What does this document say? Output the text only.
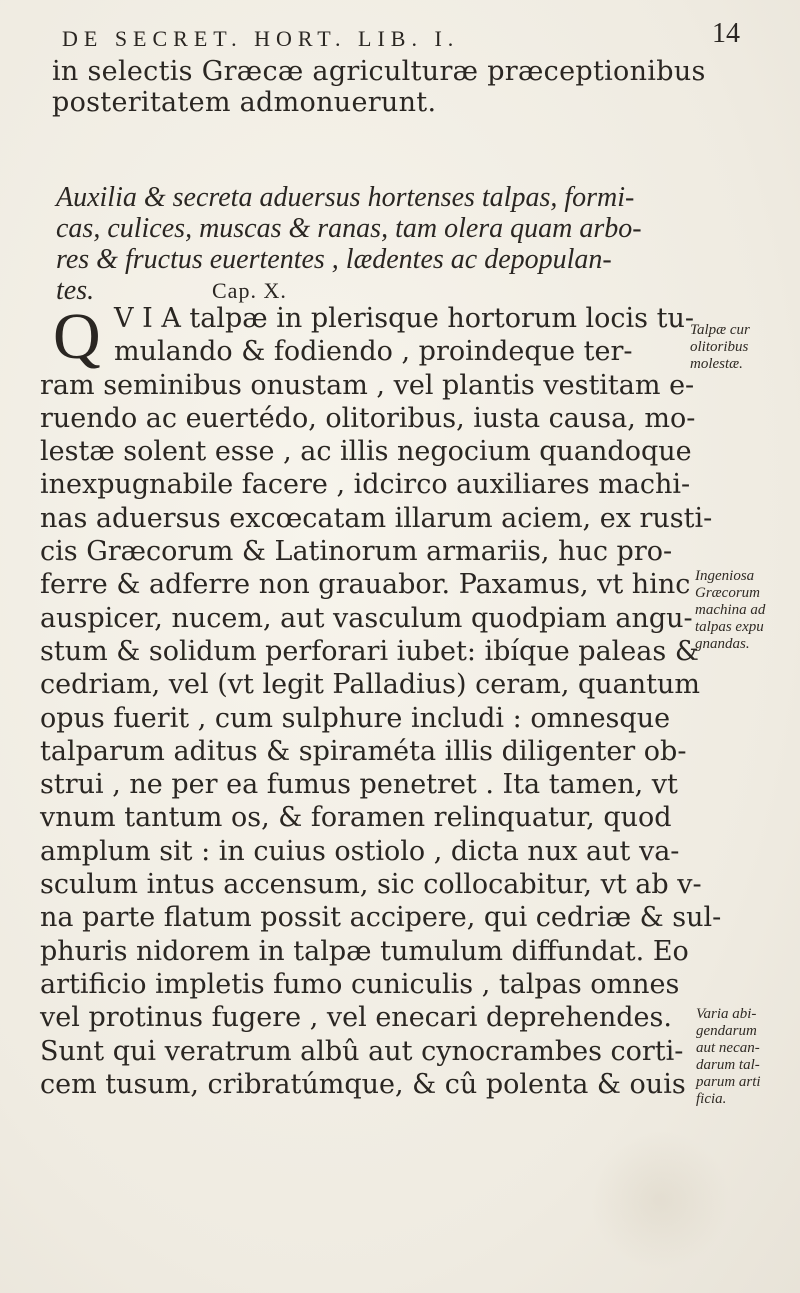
DE SECRET. HORT. LIB. I.	14
in selectis Græcæ agriculturæ præceptionibus
posteritatem admonuerunt.
Auxilia & secreta aduersus hortenses talpas, formi-
cas, culices, muscas & ranas, tam olera quam arbo-
res & fructus euertentes , lædentes ac depopulan-
tes.	Cap. X.
Q V I A talpæ in plerisque hortorum locis tu-
mulando & fodiendo , proindeque ter-
ram seminibus onustam , vel plantis vestitam e-
ruendo ac euertédo, olitoribus, iusta causa, mo-
lestæ solent esse , ac illis negocium quandoque
inexpugnabile facere , idcirco auxiliares machi-
nas aduersus excœcatam illarum aciem, ex rusti-
cis Græcorum & Latinorum armariis, huc pro-
ferre & adferre non grauabor. Paxamus, vt hinc
auspicer, nucem, aut vasculum quodpiam angu-
stum & solidum perforari iubet: ibíque paleas &
cedriam, vel (vt legit Palladius) ceram, quantum
opus fuerit , cum sulphure includi : omnesque
talparum aditus & spiraméta illis diligenter ob-
strui , ne per ea fumus penetret . Ita tamen, vt
vnum tantum os, & foramen relinquatur, quod
amplum sit : in cuius ostiolo , dicta nux aut va-
sculum intus accensum, sic collocabitur, vt ab v-
na parte flatum possit accipere, qui cedriæ & sul-
phuris nidorem in talpæ tumulum diffundat. Eo
artificio impletis fumo cuniculis , talpas omnes
vel protinus fugere , vel enecari deprehendes.
Sunt qui veratrum albû aut cynocrambes corti-
cem tusum, cribratúmque, & cû polenta & ouis
Talpæ cur
olitoribus
molestæ.
Ingeniosa
Græcorum
machina ad
talpas expu
gnandas.
Varia abi-
gendarum
aut necan-
darum tal-
parum arti
ficia.
